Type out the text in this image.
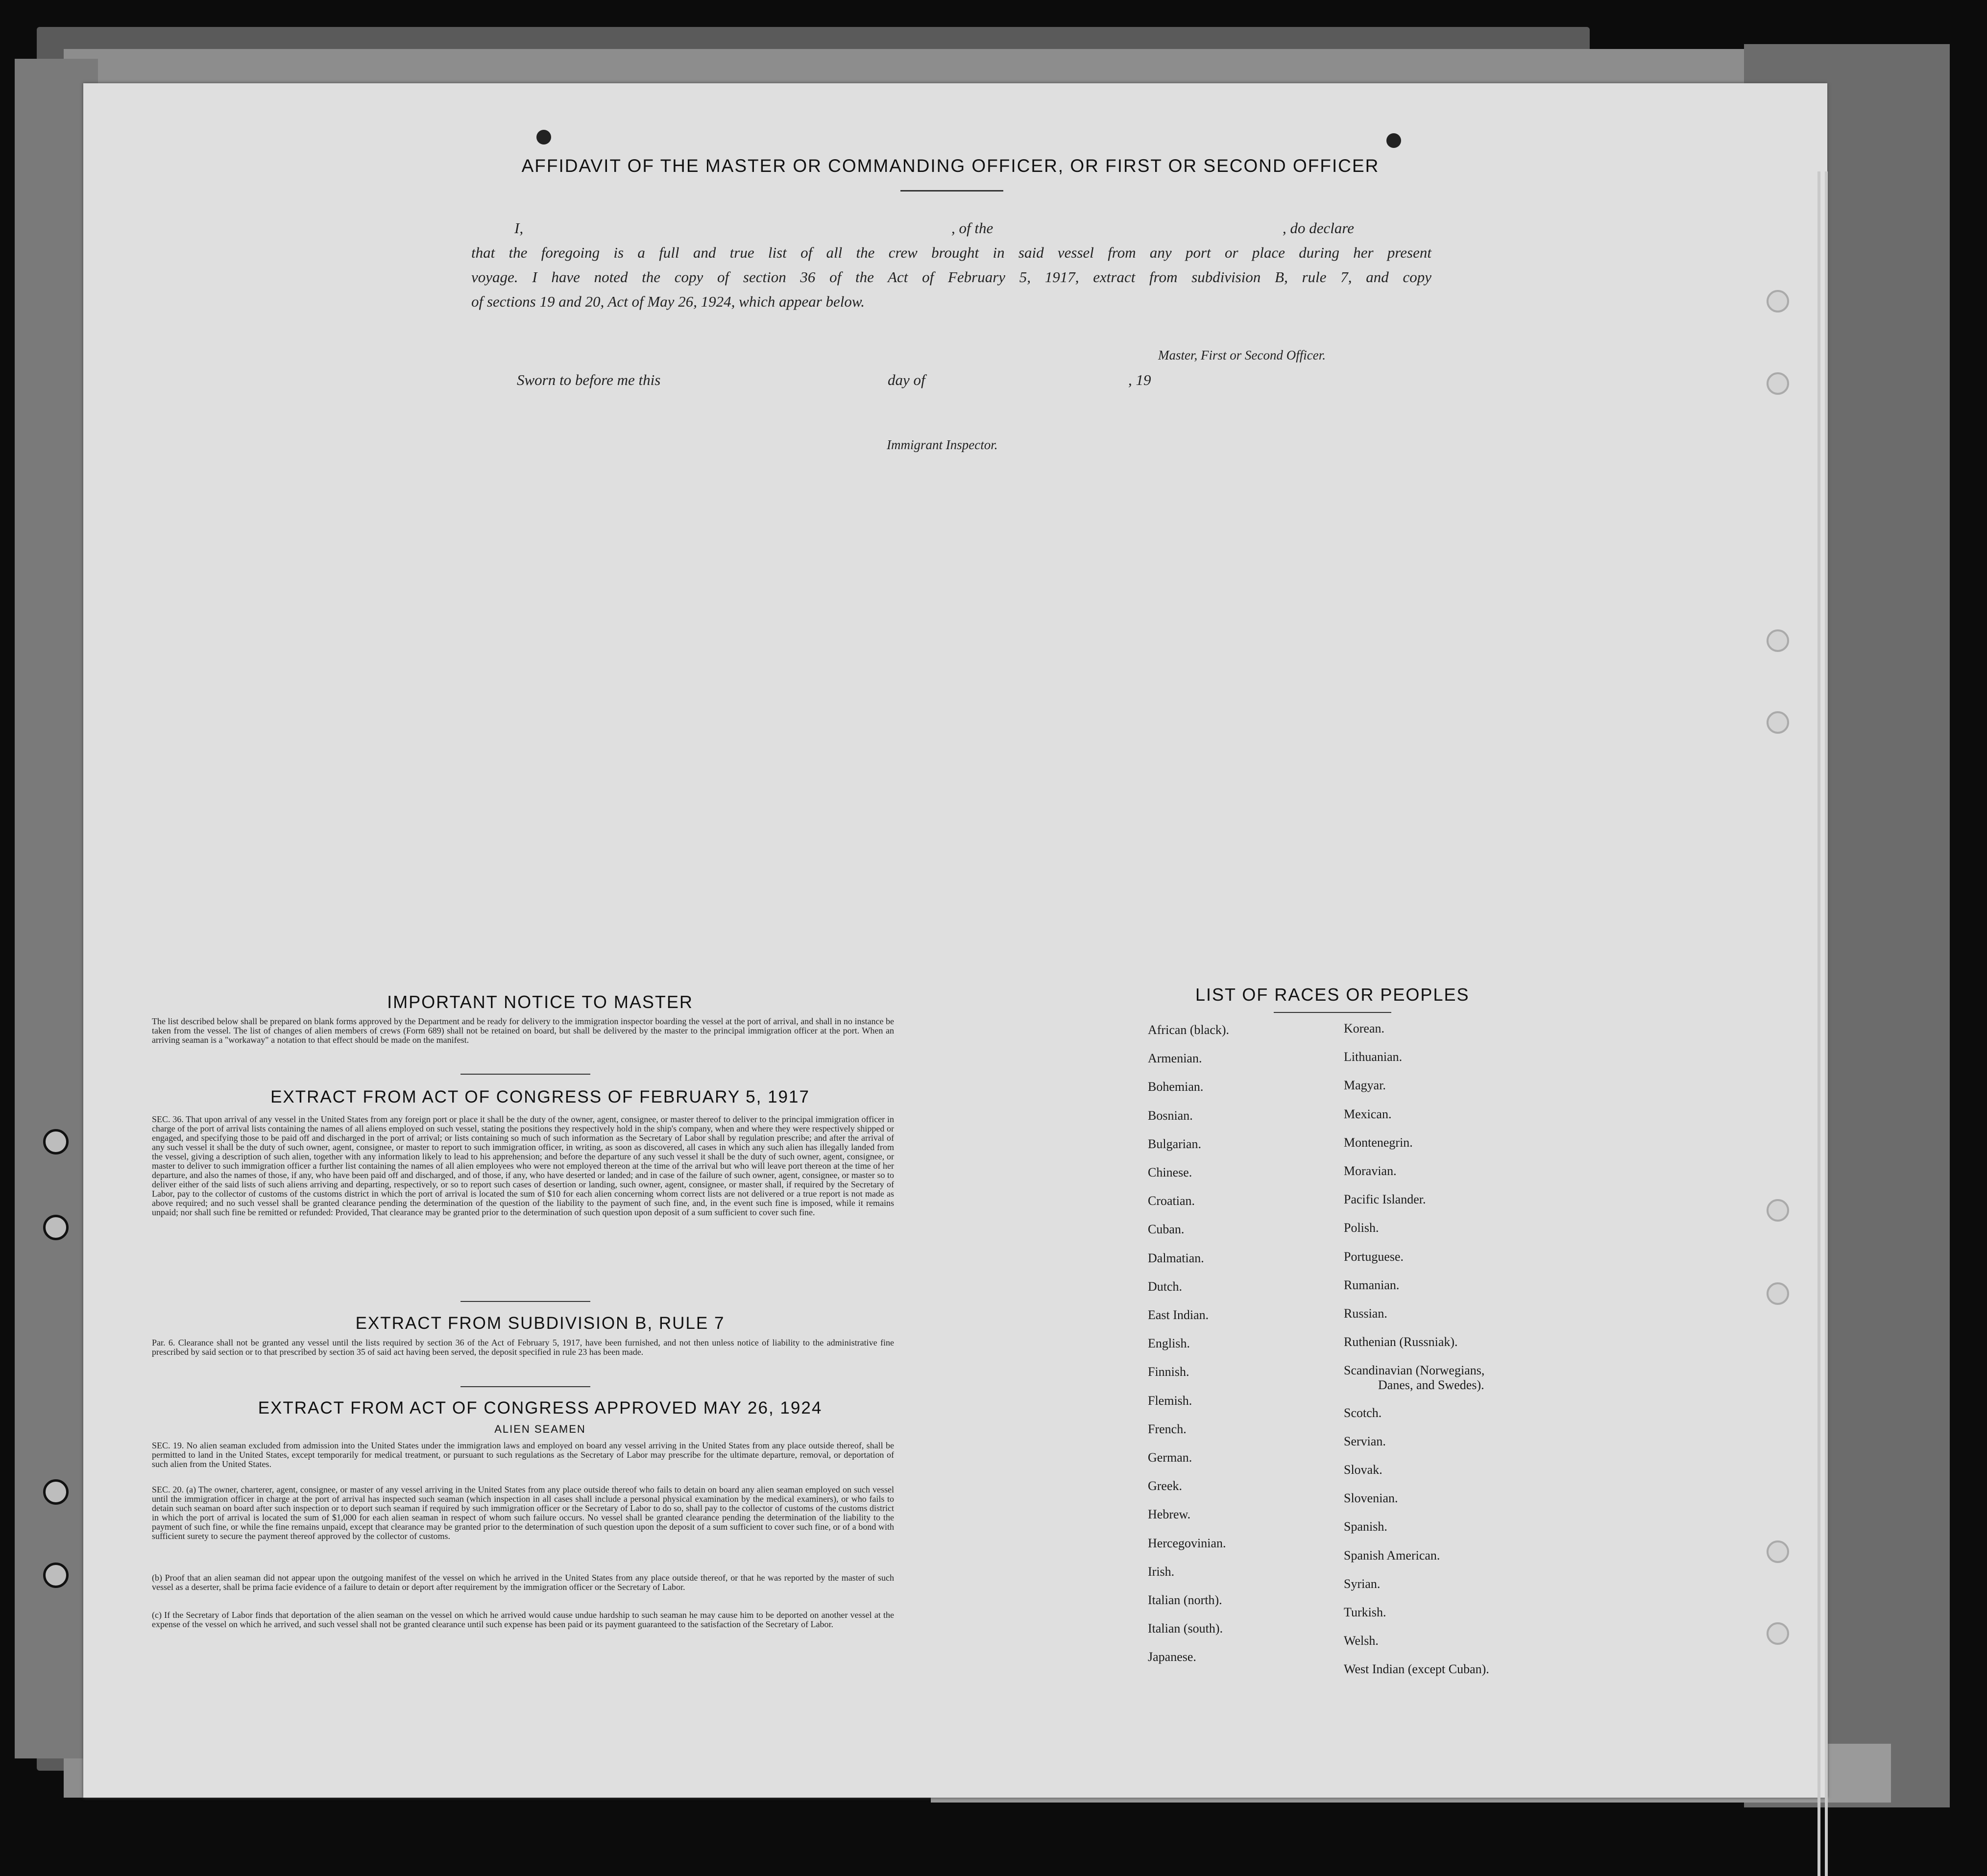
AFFIDAVIT OF THE MASTER OR COMMANDING OFFICER, OR FIRST OR SECOND OFFICER
I,	, of the	, do declare
that the foregoing is a full and true list of all the crew brought in said vessel from any port or place during her present
voyage. I have noted the copy of section 36 of the Act of February 5, 1917, extract from subdivision B, rule 7, and copy
of sections 19 and 20, Act of May 26, 1924, which appear below.
Master, First or Second Officer.
Sworn to before me this	day of	, 19
Immigrant Inspector.
IMPORTANT NOTICE TO MASTER
The list described below shall be prepared on blank forms approved by the Department and be ready for delivery to the immigration inspector boarding the vessel at the port of arrival, and shall in no instance be taken from the vessel. The list of changes of alien members of crews (Form 689) shall not be retained on board, but shall be delivered by the master to the principal immigration officer at the port. When an arriving seaman is a "workaway" a notation to that effect should be made on the manifest.
EXTRACT FROM ACT OF CONGRESS OF FEBRUARY 5, 1917
SEC. 36. That upon arrival of any vessel in the United States from any foreign port or place it shall be the duty of the owner, agent, consignee, or master thereof to deliver to the principal immigration officer in charge of the port of arrival lists containing the names of all aliens employed on such vessel, stating the positions they respectively hold in the ship's company, when and where they were respectively shipped or engaged, and specifying those to be paid off and discharged in the port of arrival; or lists containing so much of such information as the Secretary of Labor shall by regulation prescribe; and after the arrival of any such vessel it shall be the duty of such owner, agent, consignee, or master to report to such immigration officer, in writing, as soon as discovered, all cases in which any such alien has illegally landed from the vessel, giving a description of such alien, together with any information likely to lead to his apprehension; and before the departure of any such vessel it shall be the duty of such owner, agent, consignee, or master to deliver to such immigration officer a further list containing the names of all alien employees who were not employed thereon at the time of the arrival but who will leave port thereon at the time of her departure, and also the names of those, if any, who have been paid off and discharged, and of those, if any, who have deserted or landed; and in case of the failure of such owner, agent, consignee, or master so to deliver either of the said lists of such aliens arriving and departing, respectively, or so to report such cases of desertion or landing, such owner, agent, consignee, or master shall, if required by the Secretary of Labor, pay to the collector of customs of the customs district in which the port of arrival is located the sum of $10 for each alien concerning whom correct lists are not delivered or a true report is not made as above required; and no such vessel shall be granted clearance pending the determination of the question of the liability to the payment of such fine, and, in the event such fine is imposed, while it remains unpaid; nor shall such fine be remitted or refunded: Provided, That clearance may be granted prior to the determination of such question upon deposit of a sum sufficient to cover such fine.
EXTRACT FROM SUBDIVISION B, RULE 7
Par. 6. Clearance shall not be granted any vessel until the lists required by section 36 of the Act of February 5, 1917, have been furnished, and not then unless notice of liability to the administrative fine prescribed by said section or to that prescribed by section 35 of said act having been served, the deposit specified in rule 23 has been made.
EXTRACT FROM ACT OF CONGRESS APPROVED MAY 26, 1924
ALIEN SEAMEN
SEC. 19. No alien seaman excluded from admission into the United States under the immigration laws and employed on board any vessel arriving in the United States from any place outside thereof, shall be permitted to land in the United States, except temporarily for medical treatment, or pursuant to such regulations as the Secretary of Labor may prescribe for the ultimate departure, removal, or deportation of such alien from the United States.
SEC. 20. (a) The owner, charterer, agent, consignee, or master of any vessel arriving in the United States from any place outside thereof who fails to detain on board any alien seaman employed on such vessel until the immigration officer in charge at the port of arrival has inspected such seaman (which inspection in all cases shall include a personal physical examination by the medical examiners), or who fails to detain such seaman on board after such inspection or to deport such seaman if required by such immigration officer or the Secretary of Labor to do so, shall pay to the collector of customs of the customs district in which the port of arrival is located the sum of $1,000 for each alien seaman in respect of whom such failure occurs. No vessel shall be granted clearance pending the determination of the liability to the payment of such fine, or while the fine remains unpaid, except that clearance may be granted prior to the determination of such question upon the deposit of a sum sufficient to cover such fine, or of a bond with sufficient surety to secure the payment thereof approved by the collector of customs.
(b) Proof that an alien seaman did not appear upon the outgoing manifest of the vessel on which he arrived in the United States from any place outside thereof, or that he was reported by the master of such vessel as a deserter, shall be prima facie evidence of a failure to detain or deport after requirement by the immigration officer or the Secretary of Labor.
(c) If the Secretary of Labor finds that deportation of the alien seaman on the vessel on which he arrived would cause undue hardship to such seaman he may cause him to be deported on another vessel at the expense of the vessel on which he arrived, and such vessel shall not be granted clearance until such expense has been paid or its payment guaranteed to the satisfaction of the Secretary of Labor.
LIST OF RACES OR PEOPLES
African (black).
Armenian.
Bohemian.
Bosnian.
Bulgarian.
Chinese.
Croatian.
Cuban.
Dalmatian.
Dutch.
East Indian.
English.
Finnish.
Flemish.
French.
German.
Greek.
Hebrew.
Hercegovinian.
Irish.
Italian (north).
Italian (south).
Japanese.
Korean.
Lithuanian.
Magyar.
Mexican.
Montenegrin.
Moravian.
Pacific Islander.
Polish.
Portuguese.
Rumanian.
Russian.
Ruthenian (Russniak).
Scandinavian (Norwegians,
Danes, and Swedes).
Scotch.
Servian.
Slovak.
Slovenian.
Spanish.
Spanish American.
Syrian.
Turkish.
Welsh.
West Indian (except Cuban).
